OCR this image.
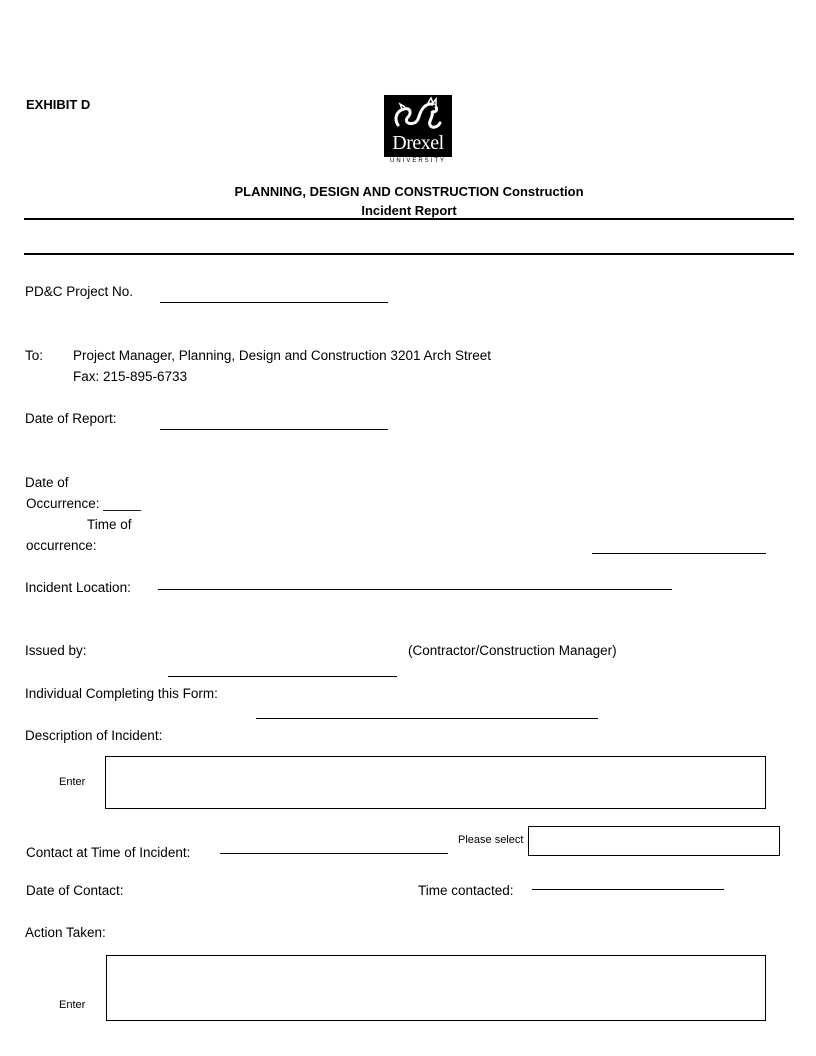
EXHIBIT D
Drexel
UNIVERSITY
PLANNING, DESIGN AND CONSTRUCTION Construction
Incident Report
PD&C Project No.
To: Project Manager, Planning, Design and Construction 3201 Arch Street
Fax: 215-895-6733
Date of Report:
Date of
Occurrence: _____
Time of
occurrence:
Incident Location:
Issued by:	(Contractor/Construction Manager)
Individual Completing this Form:
Description of Incident:
Enter
Please select
Contact at Time of Incident:
Date of Contact:	Time contacted:
Action Taken:
Enter
